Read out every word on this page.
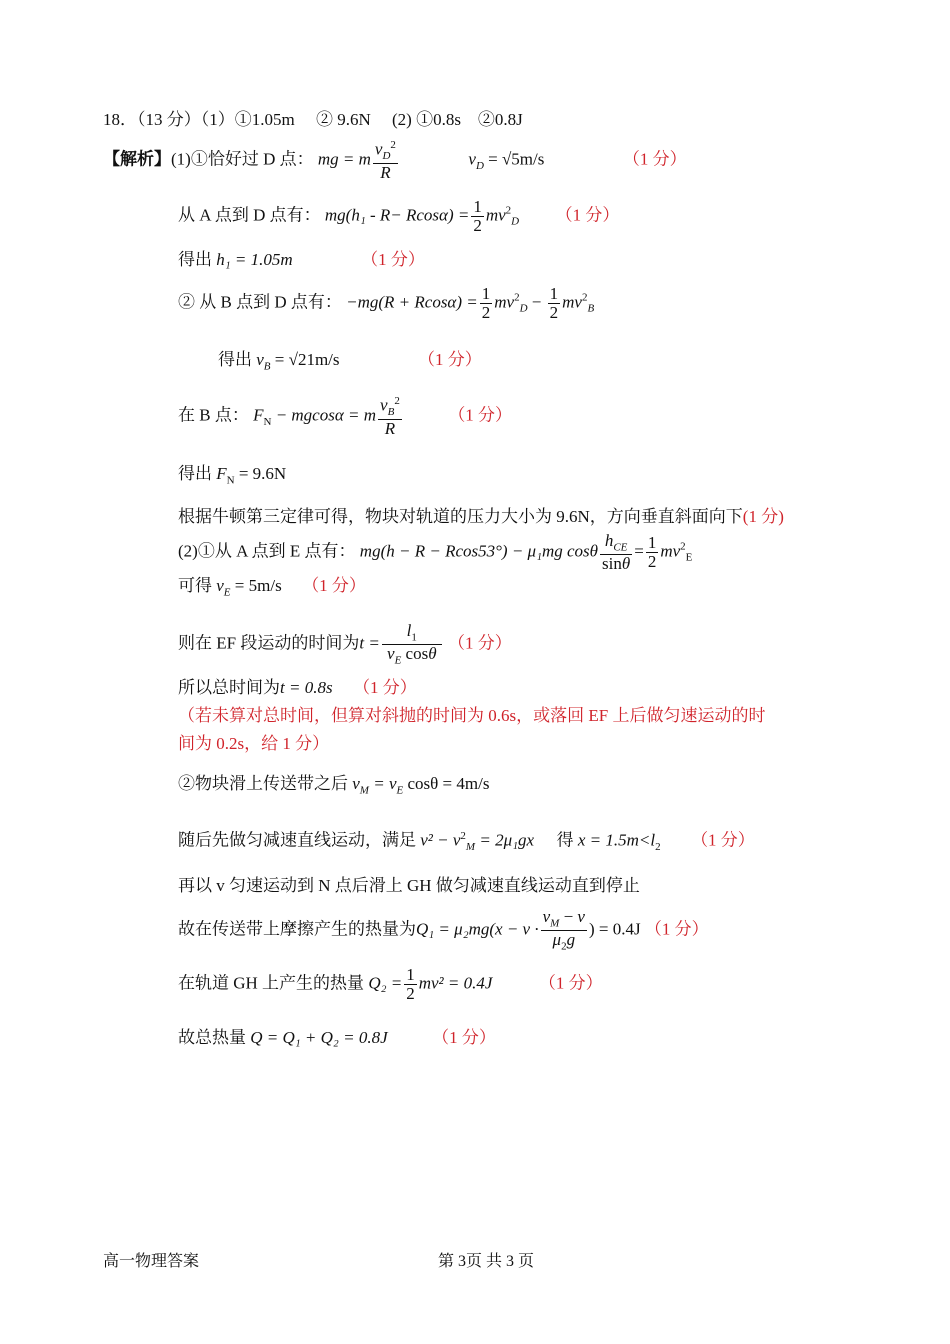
18．（13 分）（1）①1.05m　 ② 9.6N　 (2) ①0.8s　②0.8J
【解析】(1)①恰好过 D 点： mg = m $\frac{v_D^2}{R}$	$v_D = √5m/s$	（1 分）
从 A 点到 D 点有： $mg(h_1 - R- Rcos\alpha) = \frac{1}{2} mv^2_D$ （1 分）
得出 h₁ = 1.05m	（1 分）
② 从 B 点到 D 点有： $-mg(R + Rcos\alpha) = \frac{1}{2} mv^2_D - \frac{1}{2} mv^2_B$
得出 $v_B = √21m/s$	（1 分）
在 B 点： $F_N - mgcos\alpha = m \frac{v_B^2}{R}$	（1 分）
得出 $F_N = 9.6N$
根据牛顿第三定律可得，物块对轨道的压力大小为 9.6N，方向垂直斜面向下(1 分)
(2)①从 A 点到 E 点有： mg(h − R − Rcos53°) − μ₁mg cosθ $\frac{h_{CE}}{\sin\theta} = \frac{1}{2} mv^2_E$
可得 $v_E = 5m/s$ （1 分）
则在 EF 段运动的时间为$t = \frac{l_1}{v_E \cos\theta} (1$ 分）
所以总时间为t = 0.8s （1 分）
（若未算对总时间，但算对斜抛的时间为 0.6s，或落回 EF 上后做匀速运动的时
间为 0.2s，给 1 分）
②物块滑上传送带之后 $v_M = v_E$ cosθ = 4m/s
随后先做匀减速直线运动，满足 $v^2 - v^2_M = 2\mu_1gx$ 得 $x = 1.5m<l_2$ （1 分）
再以 v 匀速运动到 N 点后滑上 GH 做匀减速直线运动直到停止
故在传送带上摩擦产生的热量为$Q_1 = \mu_2mg(x - v \cdot \frac{v_M - v}{\mu_2g}$ ) = 0.4J （1 分）
在轨道 GH 上产生的热量 $Q_2 = \frac{1}{2} mv^2 = 0.4J$	（1 分）
故总热量 Q = Q₁ + Q₂ = 0.8J	（1 分）
高一物理答案	第 3页 共 3 页
